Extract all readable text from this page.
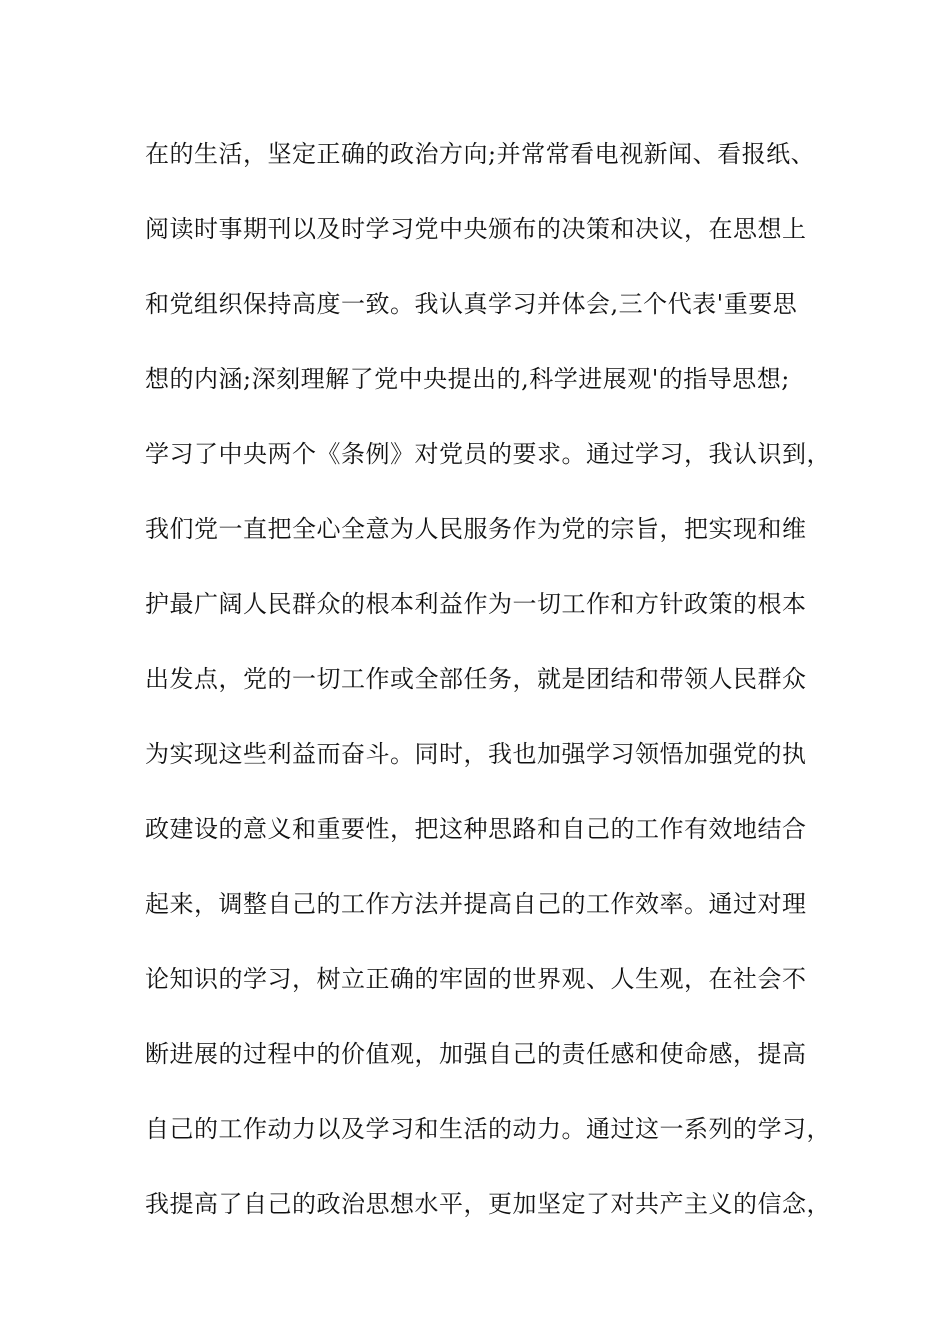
在的生活，坚定正确的政治方向;并常常看电视新闻、看报纸、
阅读时事期刊以及时学习党中央颁布的决策和决议，在思想上
和党组织保持高度一致。我认真学习并体会,三个代表'重要思
想的内涵;深刻理解了党中央提出的,科学进展观'的指导思想;
学习了中央两个《条例》对党员的要求。通过学习，我认识到，
我们党一直把全心全意为人民服务作为党的宗旨，把实现和维
护最广阔人民群众的根本利益作为一切工作和方针政策的根本
出发点，党的一切工作或全部任务，就是团结和带领人民群众
为实现这些利益而奋斗。同时，我也加强学习领悟加强党的执
政建设的意义和重要性，把这种思路和自己的工作有效地结合
起来，调整自己的工作方法并提高自己的工作效率。通过对理
论知识的学习，树立正确的牢固的世界观、人生观，在社会不
断进展的过程中的价值观，加强自己的责任感和使命感，提高
自己的工作动力以及学习和生活的动力。通过这一系列的学习，
我提高了自己的政治思想水平，更加坚定了对共产主义的信念，
